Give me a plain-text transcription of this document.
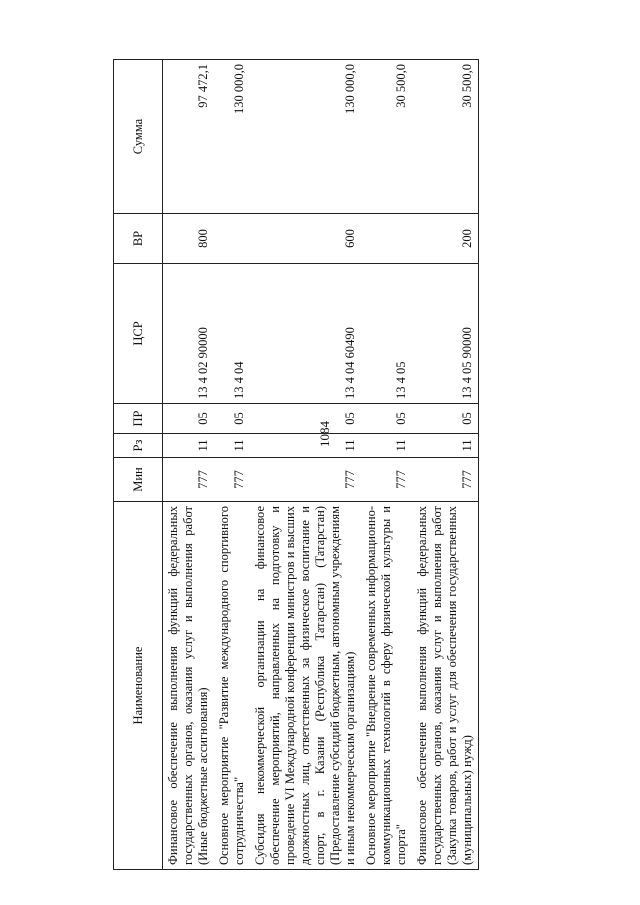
1084
Наименование	Мин	Рз	ПР	ЦСР	ВР	Сумма
Финансовое обеспечение выполнения функций федеральных государственных органов, оказания услуг и выполнения работ (Иные бюджетные ассигнования)	777	11	05	13 4 02 90000	800	97 472,1
Основное мероприятие "Развитие международного спортивного сотрудничества"	777	11	05	13 4 04		130 000,0
Субсидия некоммерческой организации на финансовое обеспечение мероприятий, направленных на подготовку и проведение VI Международной конференции министров и высших должностных лиц, ответственных за физическое воспитание и спорт, в г. Казани (Республика Татарстан) (Татарстан) (Предоставление субсидий бюджетным, автономным учреждениям и иным некоммерческим организациям)	777	11	05	13 4 04 60490	600	130 000,0
Основное мероприятие "Внедрение современных информационно-коммуникационных технологий в сферу физической культуры и спорта"	777	11	05	13 4 05		30 500,0
Финансовое обеспечение выполнения функций федеральных государственных органов, оказания услуг и выполнения работ (Закупка товаров, работ и услуг для обеспечения государственных (муниципальных) нужд)	777	11	05	13 4 05 90000	200	30 500,0
